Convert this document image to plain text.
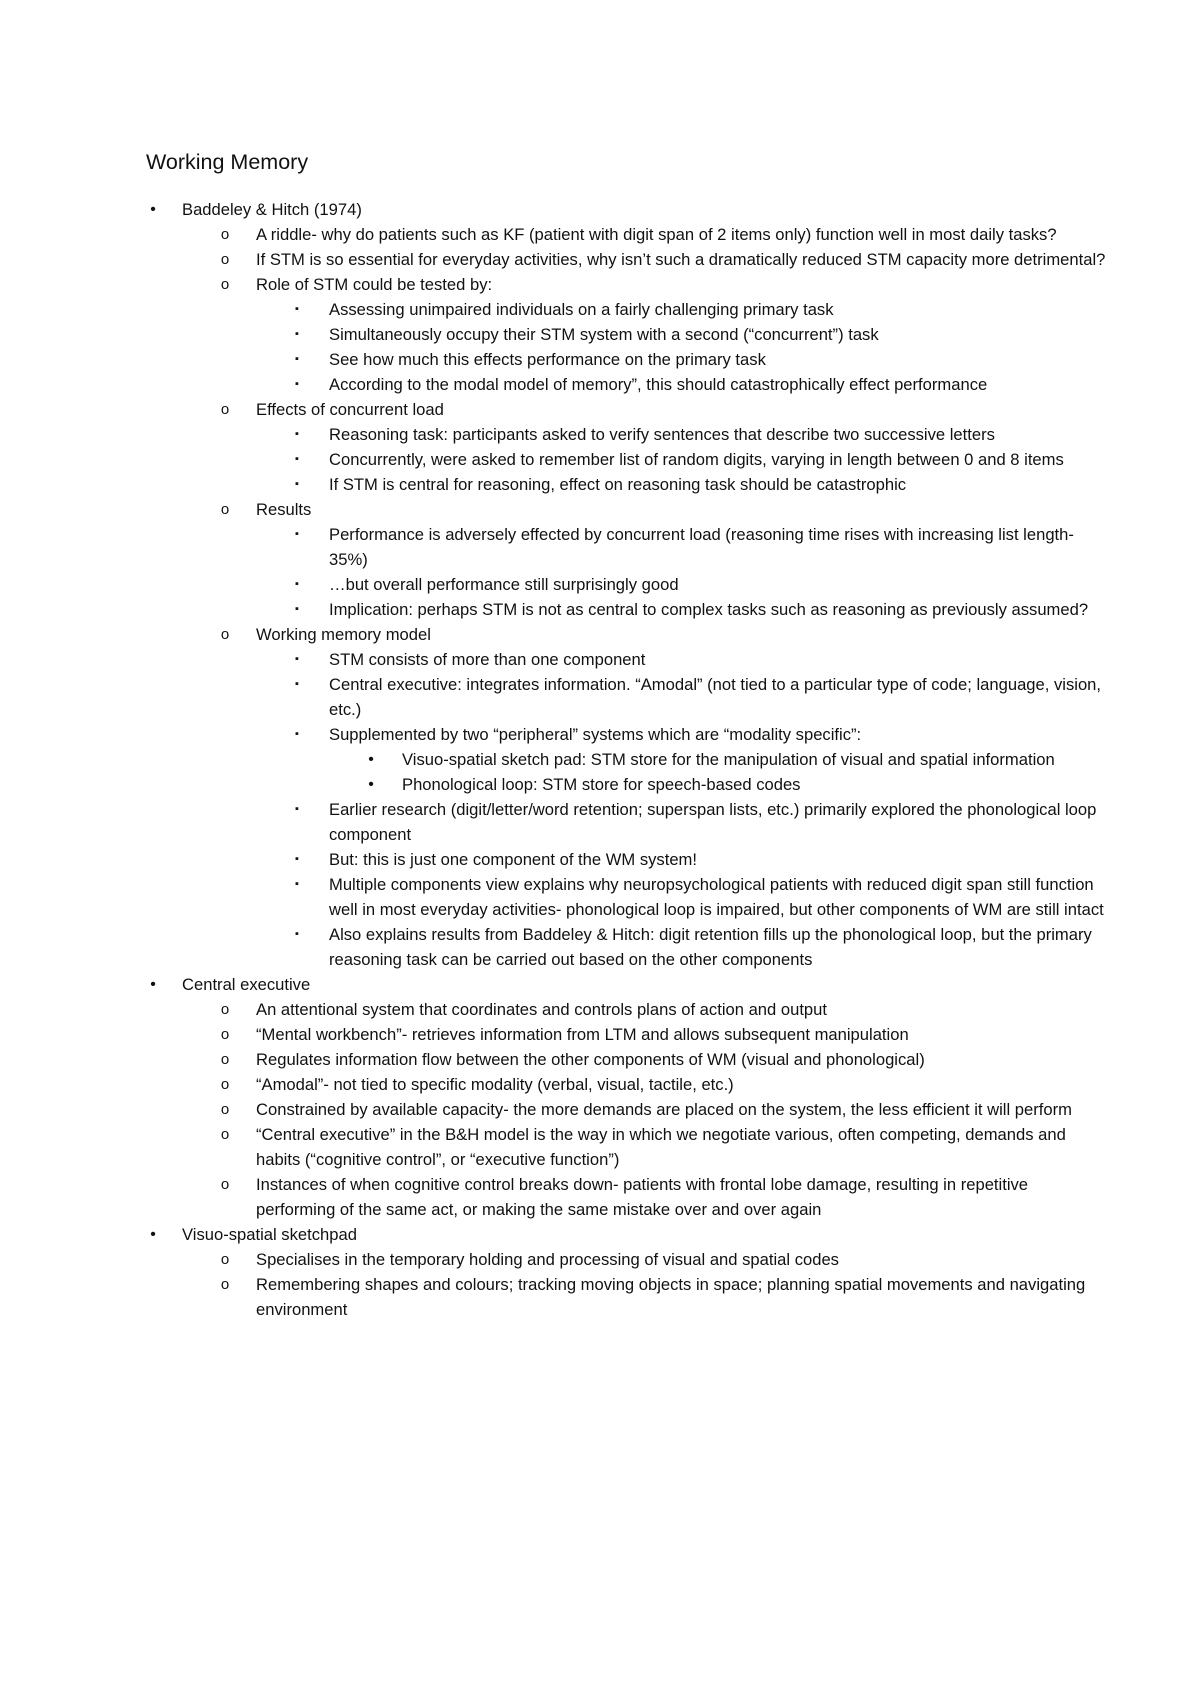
Working Memory
• Baddeley & Hitch (1974)
o A riddle- why do patients such as KF (patient with digit span of 2 items only) function well in most daily tasks?
o If STM is so essential for everyday activities, why isn’t such a dramatically reduced STM capacity more detrimental?
o Role of STM could be tested by:
▪	Assessing unimpaired individuals on a fairly challenging primary task
▪	Simultaneously occupy their STM system with a second (“concurrent”) task
▪	See how much this effects performance on the primary task
▪	According to the modal model of memory”, this should catastrophically effect performance
o Effects of concurrent load
▪	Reasoning task: participants asked to verify sentences that describe two successive letters
▪	Concurrently, were asked to remember list of random digits, varying in length between 0 and 8 items
▪	If STM is central for reasoning, effect on reasoning task should be catastrophic
o Results
▪	Performance is adversely effected by concurrent load (reasoning time rises with increasing list length- 35%)
▪	…but overall performance still surprisingly good
▪	Implication: perhaps STM is not as central to complex tasks such as reasoning as previously assumed?
o Working memory model
▪	STM consists of more than one component
▪	Central executive: integrates information. “Amodal” (not tied to a particular type of code; language, vision, etc.)
▪	Supplemented by two “peripheral” systems which are “modality specific”:
• Visuo-spatial sketch pad: STM store for the manipulation of visual and spatial information
• Phonological loop: STM store for speech-based codes
▪	Earlier research (digit/letter/word retention; superspan lists, etc.) primarily explored the phonological loop component
▪	But: this is just one component of the WM system!
▪	Multiple components view explains why neuropsychological patients with reduced digit span still function well in most everyday activities- phonological loop is impaired, but other components of WM are still intact
▪	Also explains results from Baddeley & Hitch: digit retention fills up the phonological loop, but the primary reasoning task can be carried out based on the other components
• Central executive
o An attentional system that coordinates and controls plans of action and output
o “Mental workbench”- retrieves information from LTM and allows subsequent manipulation
o Regulates information flow between the other components of WM (visual and phonological)
o “Amodal”- not tied to specific modality (verbal, visual, tactile, etc.)
o Constrained by available capacity- the more demands are placed on the system, the less efficient it will perform
o “Central executive” in the B&H model is the way in which we negotiate various, often competing, demands and habits (“cognitive control”, or “executive function”)
o Instances of when cognitive control breaks down- patients with frontal lobe damage, resulting in repetitive performing of the same act, or making the same mistake over and over again
• Visuo-spatial sketchpad
o Specialises in the temporary holding and processing of visual and spatial codes
o Remembering shapes and colours; tracking moving objects in space; planning spatial movements and navigating environment
